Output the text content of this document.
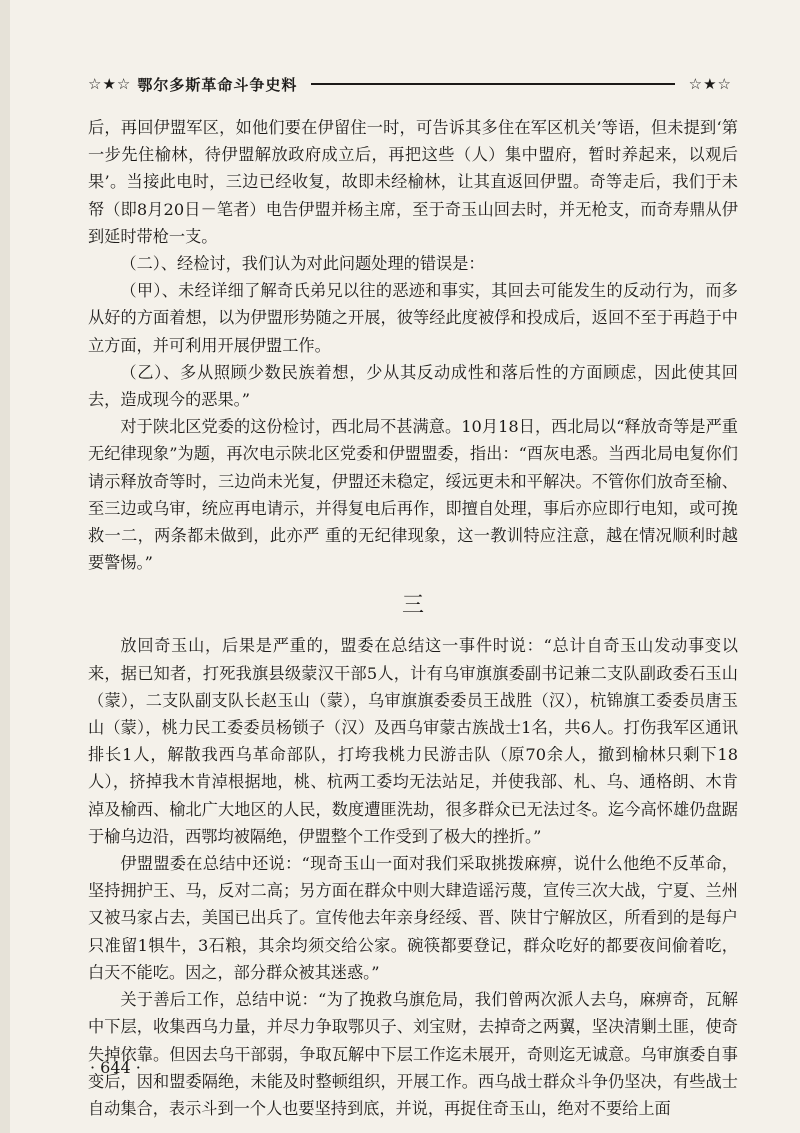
☆★☆ 鄂尔多斯革命斗争史料	☆★☆

后，再回伊盟军区，如他们要在伊留住一时，可告诉其多住在军区机关’等语，但未提到‘第一步先住榆林，待伊盟解放政府成立后，再把这些（人）集中盟府，暂时养起来，以观后果’。当接此电时，三边已经收复，故即未经榆林，让其直返回伊盟。奇等走后，我们于未帑（即8月20日－笔者）电告伊盟并杨主席，至于奇玉山回去时，并无枪支，而奇寿鼎从伊到延时带枪一支。

（二）、经检讨，我们认为对此问题处理的错误是：

（甲）、未经详细了解奇氏弟兄以往的恶迹和事实，其回去可能发生的反动行为，而多从好的方面着想，以为伊盟形势随之开展，彼等经此度被俘和投成后，返回不至于再趋于中立方面，并可利用开展伊盟工作。

（乙）、多从照顾少数民族着想，少从其反动成性和落后性的方面顾虑，因此使其回去，造成现今的恶果。”

对于陕北区党委的这份检讨，西北局不甚满意。10月18日，西北局以“释放奇等是严重无纪律现象”为题，再次电示陕北区党委和伊盟盟委，指出：“酉灰电悉。当西北局电复你们请示释放奇等时，三边尚未光复，伊盟还未稳定，绥远更未和平解决。不管你们放奇至榆、至三边或乌审，统应再电请示，并得复电后再作，即擅自处理，事后亦应即行电知，或可挽救一二，两条都未做到，此亦严 重的无纪律现象，这一教训特应注意，越在情况顺利时越要警惕。”

三

放回奇玉山，后果是严重的，盟委在总结这一事件时说：“总计自奇玉山发动事变以来，据已知者，打死我旗县级蒙汉干部5人，计有乌审旗旗委副书记兼二支队副政委石玉山（蒙），二支队副支队长赵玉山（蒙），乌审旗旗委委员王战胜（汉），杭锦旗工委委员唐玉山（蒙），桃力民工委委员杨锁子（汉）及西乌审蒙古族战士1名，共6人。打伤我军区通讯排长1人，解散我西乌革命部队，打垮我桃力民游击队（原70余人，撤到榆林只剩下18人），挤掉我木肯淖根据地，桃、杭两工委均无法站足，并使我部、札、乌、通格朗、木肯淖及榆西、榆北广大地区的人民，数度遭匪洗劫，很多群众已无法过冬。迄今高怀雄仍盘踞于榆乌边沿，西鄂均被隔绝，伊盟整个工作受到了极大的挫折。”

伊盟盟委在总结中还说：“现奇玉山一面对我们采取挑拨麻痹，说什么他绝不反革命，坚持拥护王、马，反对二高；另方面在群众中则大肆造谣污蔑，宣传三次大战，宁夏、兰州又被马家占去，美国已出兵了。宣传他去年亲身经绥、晋、陕甘宁解放区，所看到的是每户只准留1犋牛，3石粮，其余均须交给公家。碗筷都要登记，群众吃好的都要夜间偷着吃，白天不能吃。因之，部分群众被其迷惑。”

关于善后工作，总结中说：“为了挽救乌旗危局，我们曾两次派人去乌，麻痹奇，瓦解中下层，收集西乌力量，并尽力争取鄂贝子、刘宝财，去掉奇之两翼，坚决清剿土匪，使奇失掉依靠。但因去乌干部弱，争取瓦解中下层工作迄未展开，奇则迄无诚意。乌审旗委自事变后，因和盟委隔绝，未能及时整顿组织，开展工作。西乌战士群众斗争仍坚决，有些战士自动集合，表示斗到一个人也要坚持到底，并说，再捉住奇玉山，绝对不要给上面

· 644 ·
